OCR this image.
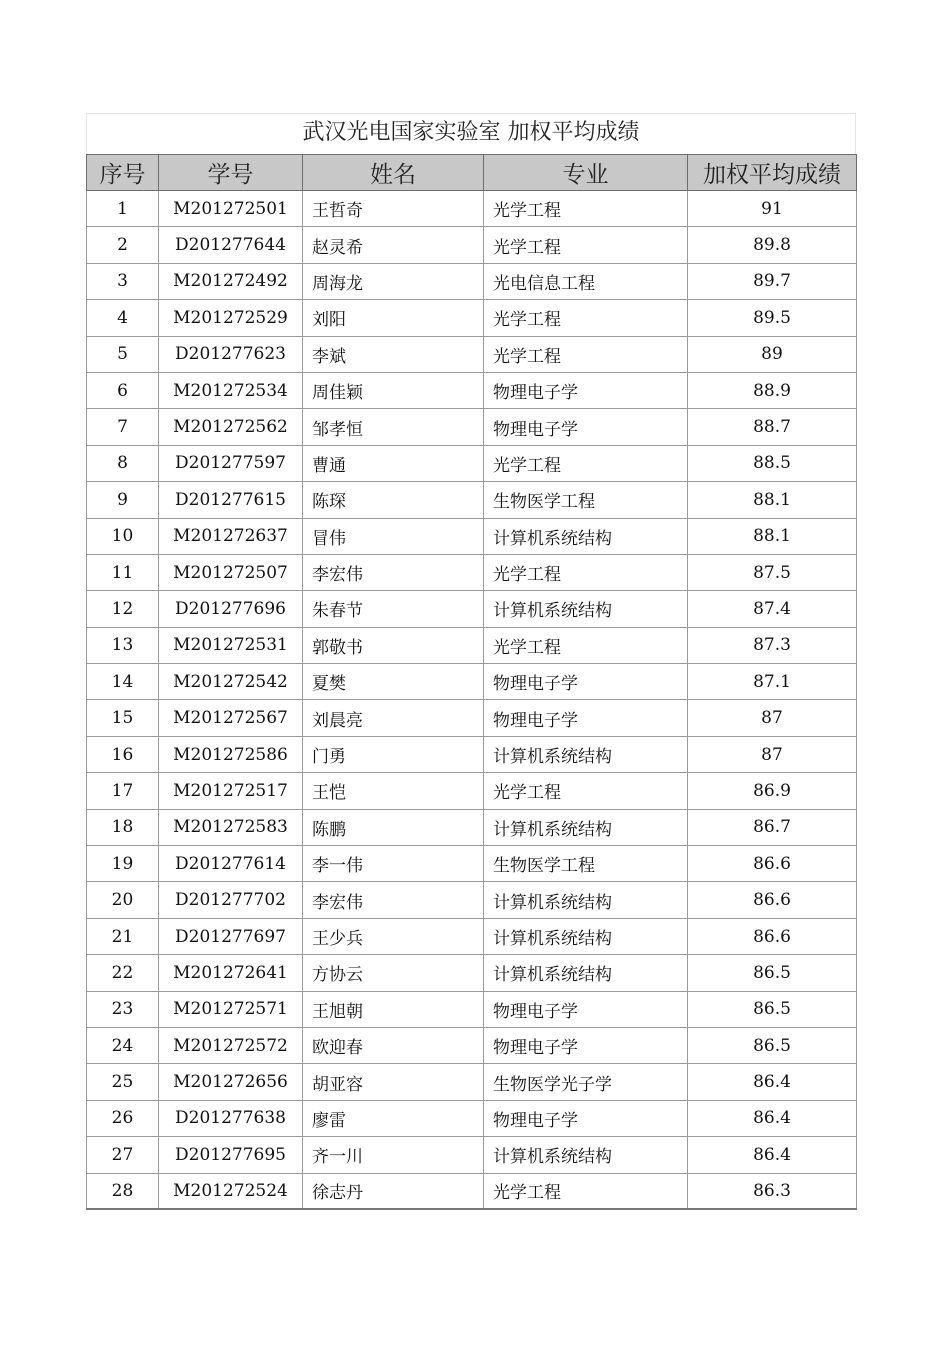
武汉光电国家实验室 加权平均成绩
序号	学号	姓名	专业	加权平均成绩
1	M201272501	王哲奇	光学工程	91
2	D201277644	赵灵希	光学工程	89.8
3	M201272492	周海龙	光电信息工程	89.7
4	M201272529	刘阳	光学工程	89.5
5	D201277623	李斌	光学工程	89
6	M201272534	周佳颖	物理电子学	88.9
7	M201272562	邹孝恒	物理电子学	88.7
8	D201277597	曹通	光学工程	88.5
9	D201277615	陈琛	生物医学工程	88.1
10	M201272637	冒伟	计算机系统结构	88.1
11	M201272507	李宏伟	光学工程	87.5
12	D201277696	朱春节	计算机系统结构	87.4
13	M201272531	郭敬书	光学工程	87.3
14	M201272542	夏樊	物理电子学	87.1
15	M201272567	刘晨亮	物理电子学	87
16	M201272586	门勇	计算机系统结构	87
17	M201272517	王恺	光学工程	86.9
18	M201272583	陈鹏	计算机系统结构	86.7
19	D201277614	李一伟	生物医学工程	86.6
20	D201277702	李宏伟	计算机系统结构	86.6
21	D201277697	王少兵	计算机系统结构	86.6
22	M201272641	方协云	计算机系统结构	86.5
23	M201272571	王旭朝	物理电子学	86.5
24	M201272572	欧迎春	物理电子学	86.5
25	M201272656	胡亚容	生物医学光子学	86.4
26	D201277638	廖雷	物理电子学	86.4
27	D201277695	齐一川	计算机系统结构	86.4
28	M201272524	徐志丹	光学工程	86.3
